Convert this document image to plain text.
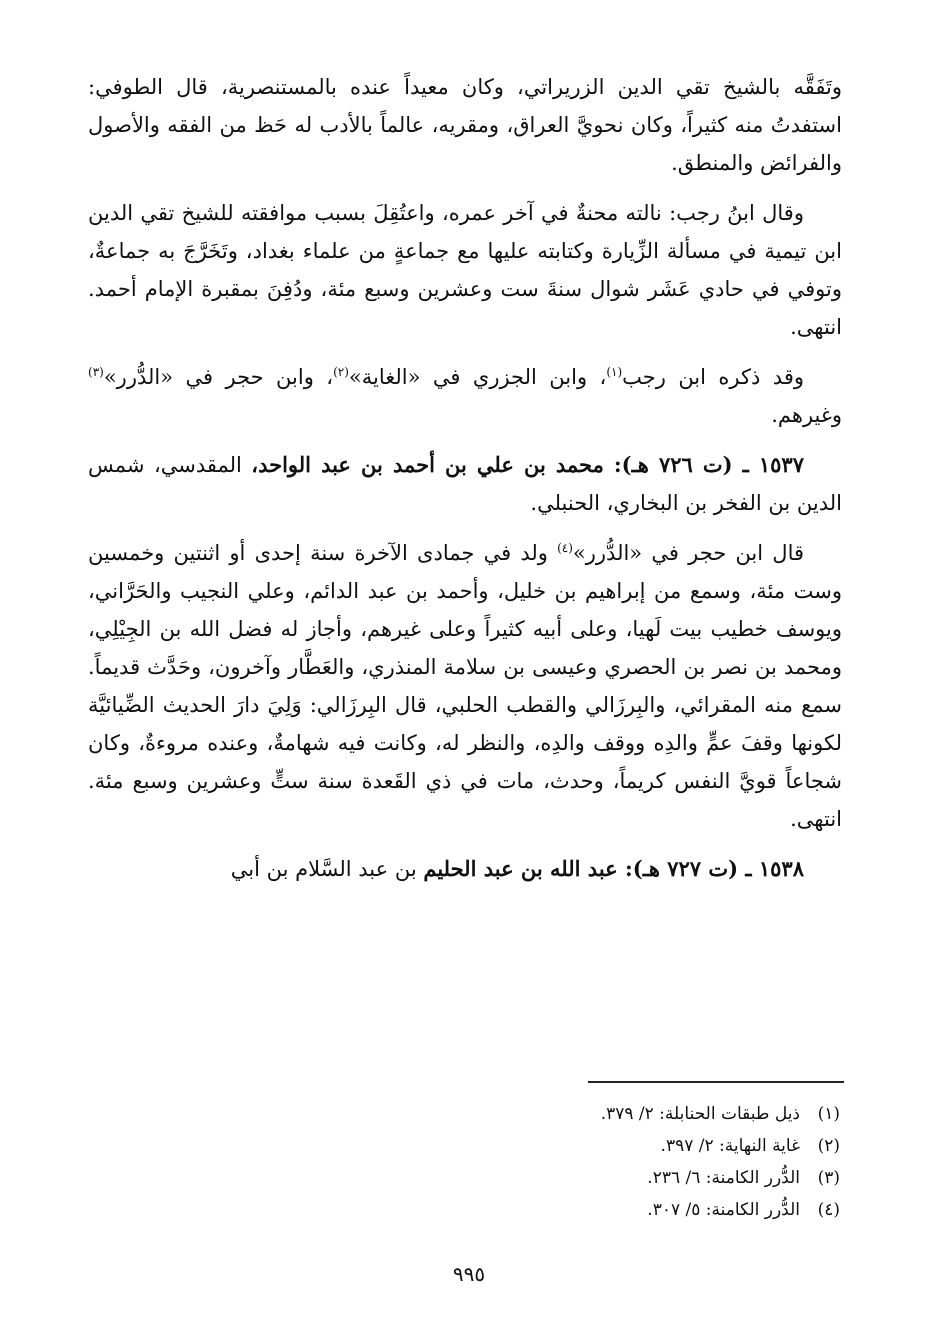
وتَفَقَّه بالشيخ تقي الدين الزريراتي، وكان معيداً عنده بالمستنصرية، قال الطوفي: استفدتُ منه كثيراً، وكان نحويَّ العراق، ومقريه، عالماً بالأدب له حَظ من الفقه والأصول والفرائض والمنطق.

وقال ابنُ رجب: نالته محنةٌ في آخر عمره، واعتُقِلَ بسبب موافقته للشيخ تقي الدين ابن تيمية في مسألة الزِّيارة وكتابته عليها مع جماعةٍ من علماء بغداد، وتَخَرَّجَ به جماعةٌ، وتوفي في حادي عَشَر شوال سنةَ ست وعشرين وسبع مئة، ودُفِنَ بمقبرة الإمام أحمد. انتهى.

وقد ذكره ابن رجب$^{(١)}$، وابن الجزري في «الغاية»$^{(٢)}$، وابن حجر في «الدُّرر»$^{(٣)}$ وغيرهم.

١٥٣٧ ـ (ت ٧٢٦ هـ): محمد بن علي بن أحمد بن عبد الواحد، المقدسي، شمس الدين بن الفخر بن البخاري، الحنبلي.

قال ابن حجر في «الدُّرر»$^{(٤)}$ ولد في جمادى الآخرة سنة إحدى أو اثنتين وخمسين وست مئة، وسمع من إبراهيم بن خليل، وأحمد بن عبد الدائم، وعلي النجيب والحَرَّاني، ويوسف خطيب بيت لَهيا، وعلى أبيه كثيراً وعلى غيرهم، وأجاز له فضل الله بن الجِيْلِي، ومحمد بن نصر بن الحصري وعيسى بن سلامة المنذري، والعَطَّار وآخرون، وحَدَّث قديماً. سمع منه المقرائي، والبِرزَالي والقطب الحلبي، قال البِرزَالي: وَلِيَ دارَ الحديث الضِّيائيَّة لكونها وقفَ عمٍّ والدِه ووقف والدِه، والنظر له، وكانت فيه شهامةٌ، وعنده مروءةٌ، وكان شجاعاً قويَّ النفس كريماً، وحدث، مات في ذي القَعدة سنة ستٍّ وعشرين وسبع مئة. انتهى.

١٥٣٨ ـ (ت ٧٢٧ هـ): عبد الله بن عبد الحليم بن عبد السَّلام بن أبي

(١)ذيل طبقات الحنابلة: ٢/ ٣٧٩.
(٢)غاية النهاية: ٢/ ٣٩٧.
(٣)الدُّرر الكامنة: ٦/ ٢٣٦.
(٤)الدُّرر الكامنة: ٥/ ٣٠٧.
٩٩٥
